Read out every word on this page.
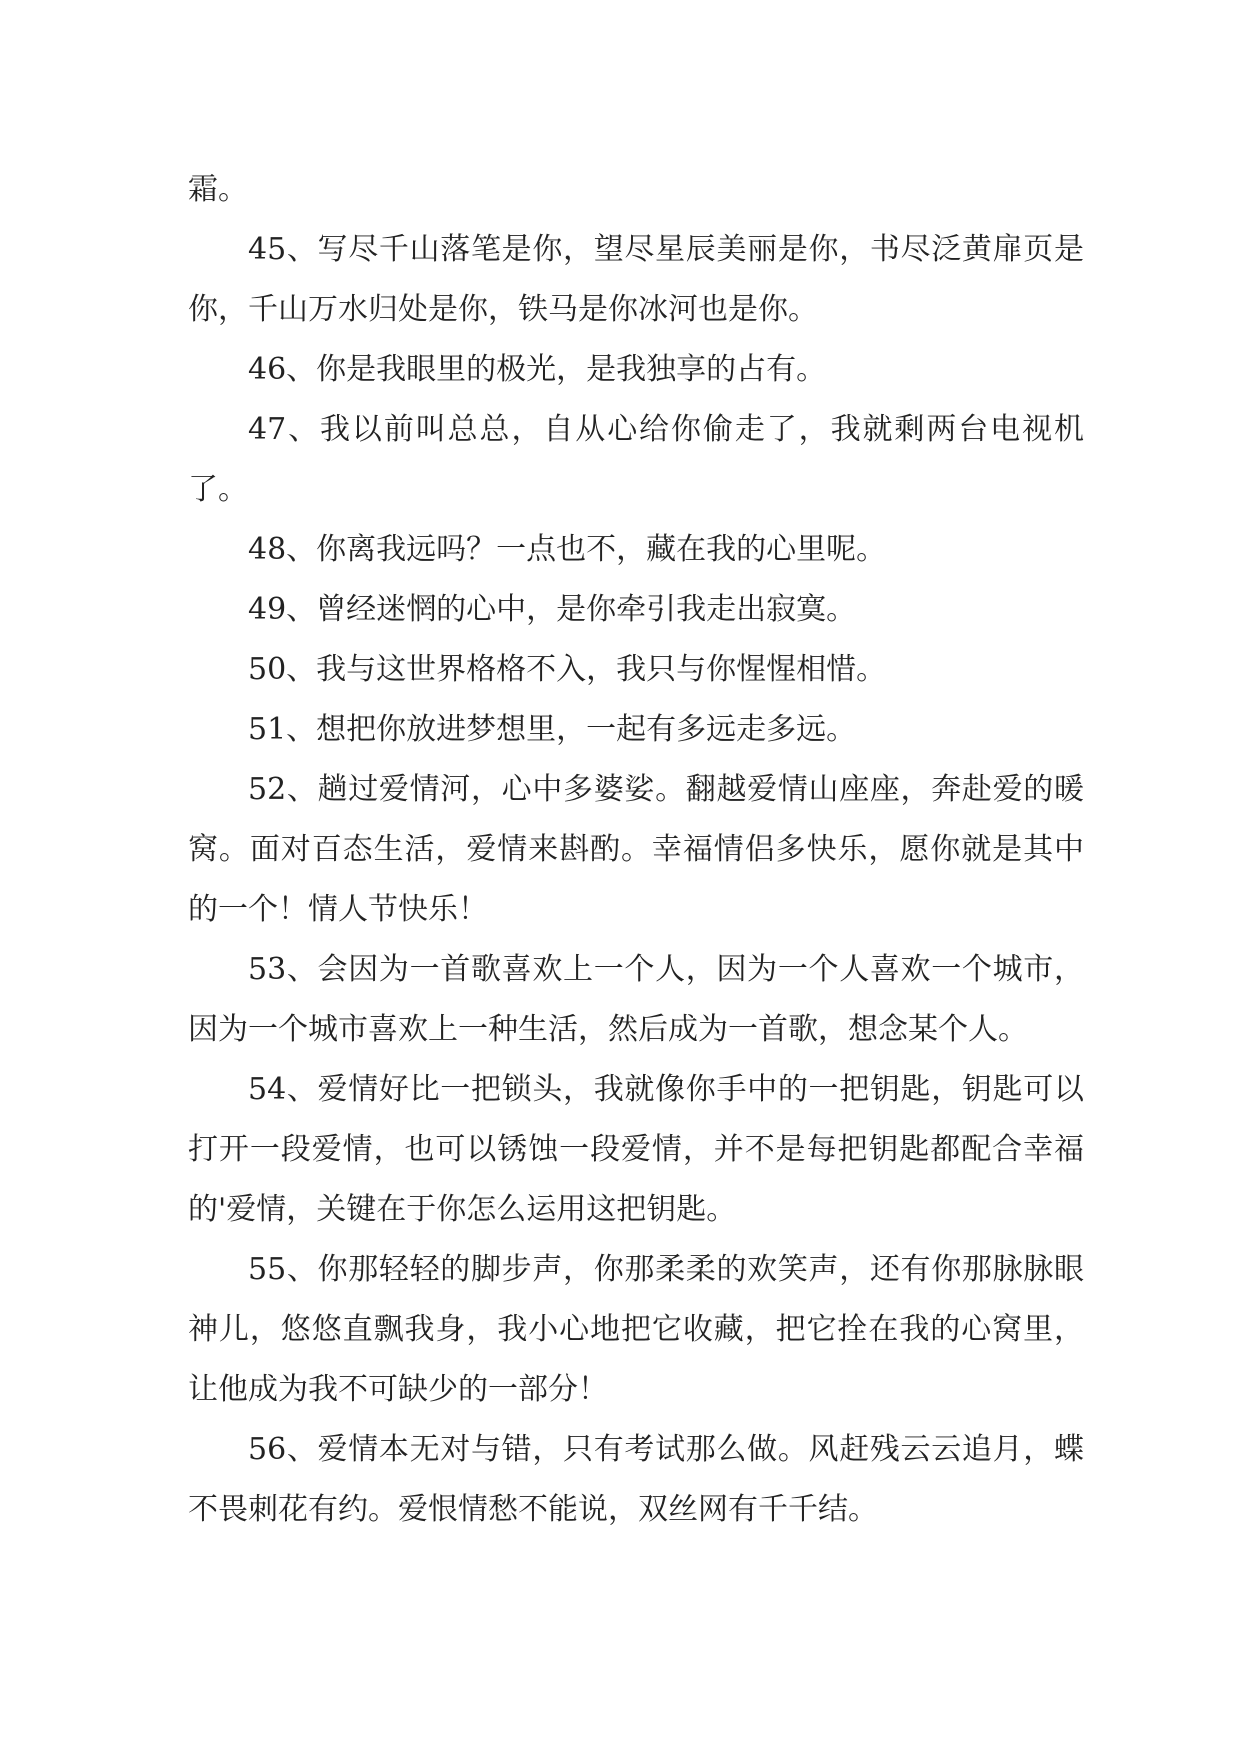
霜。

45、写尽千山落笔是你，望尽星辰美丽是你，书尽泛黄扉页是你，千山万水归处是你，铁马是你冰河也是你。

46、你是我眼里的极光，是我独享的占有。

47、我以前叫总总，自从心给你偷走了，我就剩两台电视机了。

48、你离我远吗？一点也不，藏在我的心里呢。

49、曾经迷惘的心中，是你牵引我走出寂寞。

50、我与这世界格格不入，我只与你惺惺相惜。

51、想把你放进梦想里，一起有多远走多远。

52、趟过爱情河，心中多婆娑。翻越爱情山座座，奔赴爱的暖窝。面对百态生活，爱情来斟酌。幸福情侣多快乐，愿你就是其中的一个！情人节快乐！

53、会因为一首歌喜欢上一个人，因为一个人喜欢一个城市，因为一个城市喜欢上一种生活，然后成为一首歌，想念某个人。

54、爱情好比一把锁头，我就像你手中的一把钥匙，钥匙可以打开一段爱情，也可以锈蚀一段爱情，并不是每把钥匙都配合幸福的'爱情，关键在于你怎么运用这把钥匙。

55、你那轻轻的脚步声，你那柔柔的欢笑声，还有你那脉脉眼神儿，悠悠直飘我身，我小心地把它收藏，把它拴在我的心窝里，让他成为我不可缺少的一部分！

56、爱情本无对与错，只有考试那么做。风赶残云云追月，蝶不畏刺花有约。爱恨情愁不能说，双丝网有千千结。
